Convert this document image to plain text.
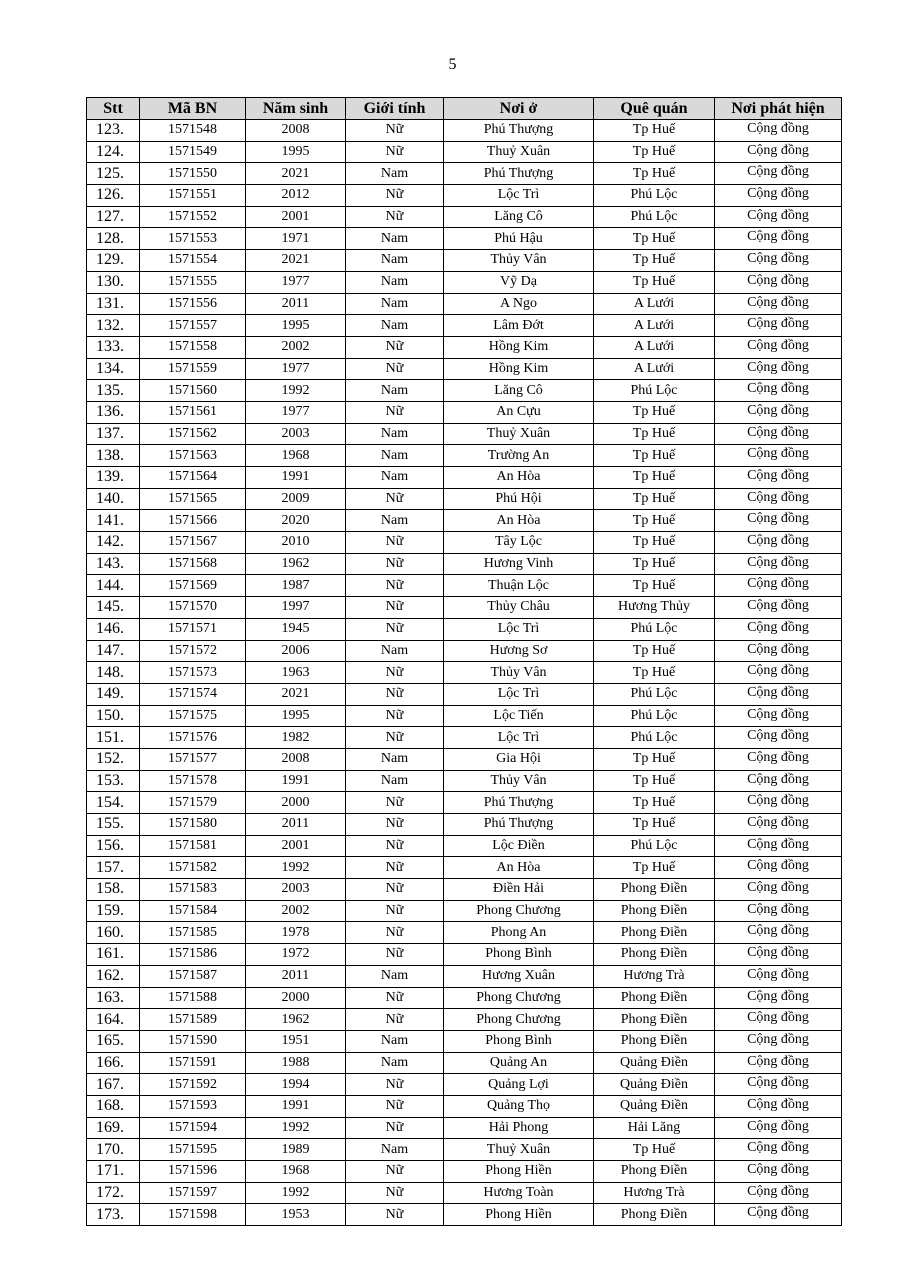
5
Stt	Mã BN	Năm sinh	Giới tính	Nơi ở	Quê quán	Nơi phát hiện
123.	1571548	2008	Nữ	Phú Thượng	Tp Huế	Cộng đồng
124.	1571549	1995	Nữ	Thuỷ Xuân	Tp Huế	Cộng đồng
125.	1571550	2021	Nam	Phú Thượng	Tp Huế	Cộng đồng
126.	1571551	2012	Nữ	Lộc Trì	Phú Lộc	Cộng đồng
127.	1571552	2001	Nữ	Lăng Cô	Phú Lộc	Cộng đồng
128.	1571553	1971	Nam	Phú Hậu	Tp Huế	Cộng đồng
129.	1571554	2021	Nam	Thủy Vân	Tp Huế	Cộng đồng
130.	1571555	1977	Nam	Vỹ Dạ	Tp Huế	Cộng đồng
131.	1571556	2011	Nam	A Ngo	A Lưới	Cộng đồng
132.	1571557	1995	Nam	Lâm Đớt	A Lưới	Cộng đồng
133.	1571558	2002	Nữ	Hồng Kim	A Lưới	Cộng đồng
134.	1571559	1977	Nữ	Hồng Kim	A Lưới	Cộng đồng
135.	1571560	1992	Nam	Lăng Cô	Phú Lộc	Cộng đồng
136.	1571561	1977	Nữ	An Cựu	Tp Huế	Cộng đồng
137.	1571562	2003	Nam	Thuỷ Xuân	Tp Huế	Cộng đồng
138.	1571563	1968	Nam	Trường An	Tp Huế	Cộng đồng
139.	1571564	1991	Nam	An Hòa	Tp Huế	Cộng đồng
140.	1571565	2009	Nữ	Phú Hội	Tp Huế	Cộng đồng
141.	1571566	2020	Nam	An Hòa	Tp Huế	Cộng đồng
142.	1571567	2010	Nữ	Tây Lộc	Tp Huế	Cộng đồng
143.	1571568	1962	Nữ	Hương Vinh	Tp Huế	Cộng đồng
144.	1571569	1987	Nữ	Thuận Lộc	Tp Huế	Cộng đồng
145.	1571570	1997	Nữ	Thủy Châu	Hương Thủy	Cộng đồng
146.	1571571	1945	Nữ	Lộc Trì	Phú Lộc	Cộng đồng
147.	1571572	2006	Nam	Hương Sơ	Tp Huế	Cộng đồng
148.	1571573	1963	Nữ	Thủy Vân	Tp Huế	Cộng đồng
149.	1571574	2021	Nữ	Lộc Trì	Phú Lộc	Cộng đồng
150.	1571575	1995	Nữ	Lộc Tiến	Phú Lộc	Cộng đồng
151.	1571576	1982	Nữ	Lộc Trì	Phú Lộc	Cộng đồng
152.	1571577	2008	Nam	Gia Hội	Tp Huế	Cộng đồng
153.	1571578	1991	Nam	Thủy Vân	Tp Huế	Cộng đồng
154.	1571579	2000	Nữ	Phú Thượng	Tp Huế	Cộng đồng
155.	1571580	2011	Nữ	Phú Thượng	Tp Huế	Cộng đồng
156.	1571581	2001	Nữ	Lộc Điền	Phú Lộc	Cộng đồng
157.	1571582	1992	Nữ	An Hòa	Tp Huế	Cộng đồng
158.	1571583	2003	Nữ	Điền Hải	Phong Điền	Cộng đồng
159.	1571584	2002	Nữ	Phong Chương	Phong Điền	Cộng đồng
160.	1571585	1978	Nữ	Phong An	Phong Điền	Cộng đồng
161.	1571586	1972	Nữ	Phong Bình	Phong Điền	Cộng đồng
162.	1571587	2011	Nam	Hương Xuân	Hương Trà	Cộng đồng
163.	1571588	2000	Nữ	Phong Chương	Phong Điền	Cộng đồng
164.	1571589	1962	Nữ	Phong Chương	Phong Điền	Cộng đồng
165.	1571590	1951	Nam	Phong Bình	Phong Điền	Cộng đồng
166.	1571591	1988	Nam	Quảng An	Quảng Điền	Cộng đồng
167.	1571592	1994	Nữ	Quảng Lợi	Quảng Điền	Cộng đồng
168.	1571593	1991	Nữ	Quảng Thọ	Quảng Điền	Cộng đồng
169.	1571594	1992	Nữ	Hải Phong	Hải Lăng	Cộng đồng
170.	1571595	1989	Nam	Thuỷ Xuân	Tp Huế	Cộng đồng
171.	1571596	1968	Nữ	Phong Hiền	Phong Điền	Cộng đồng
172.	1571597	1992	Nữ	Hương Toàn	Hương Trà	Cộng đồng
173.	1571598	1953	Nữ	Phong Hiền	Phong Điền	Cộng đồng
